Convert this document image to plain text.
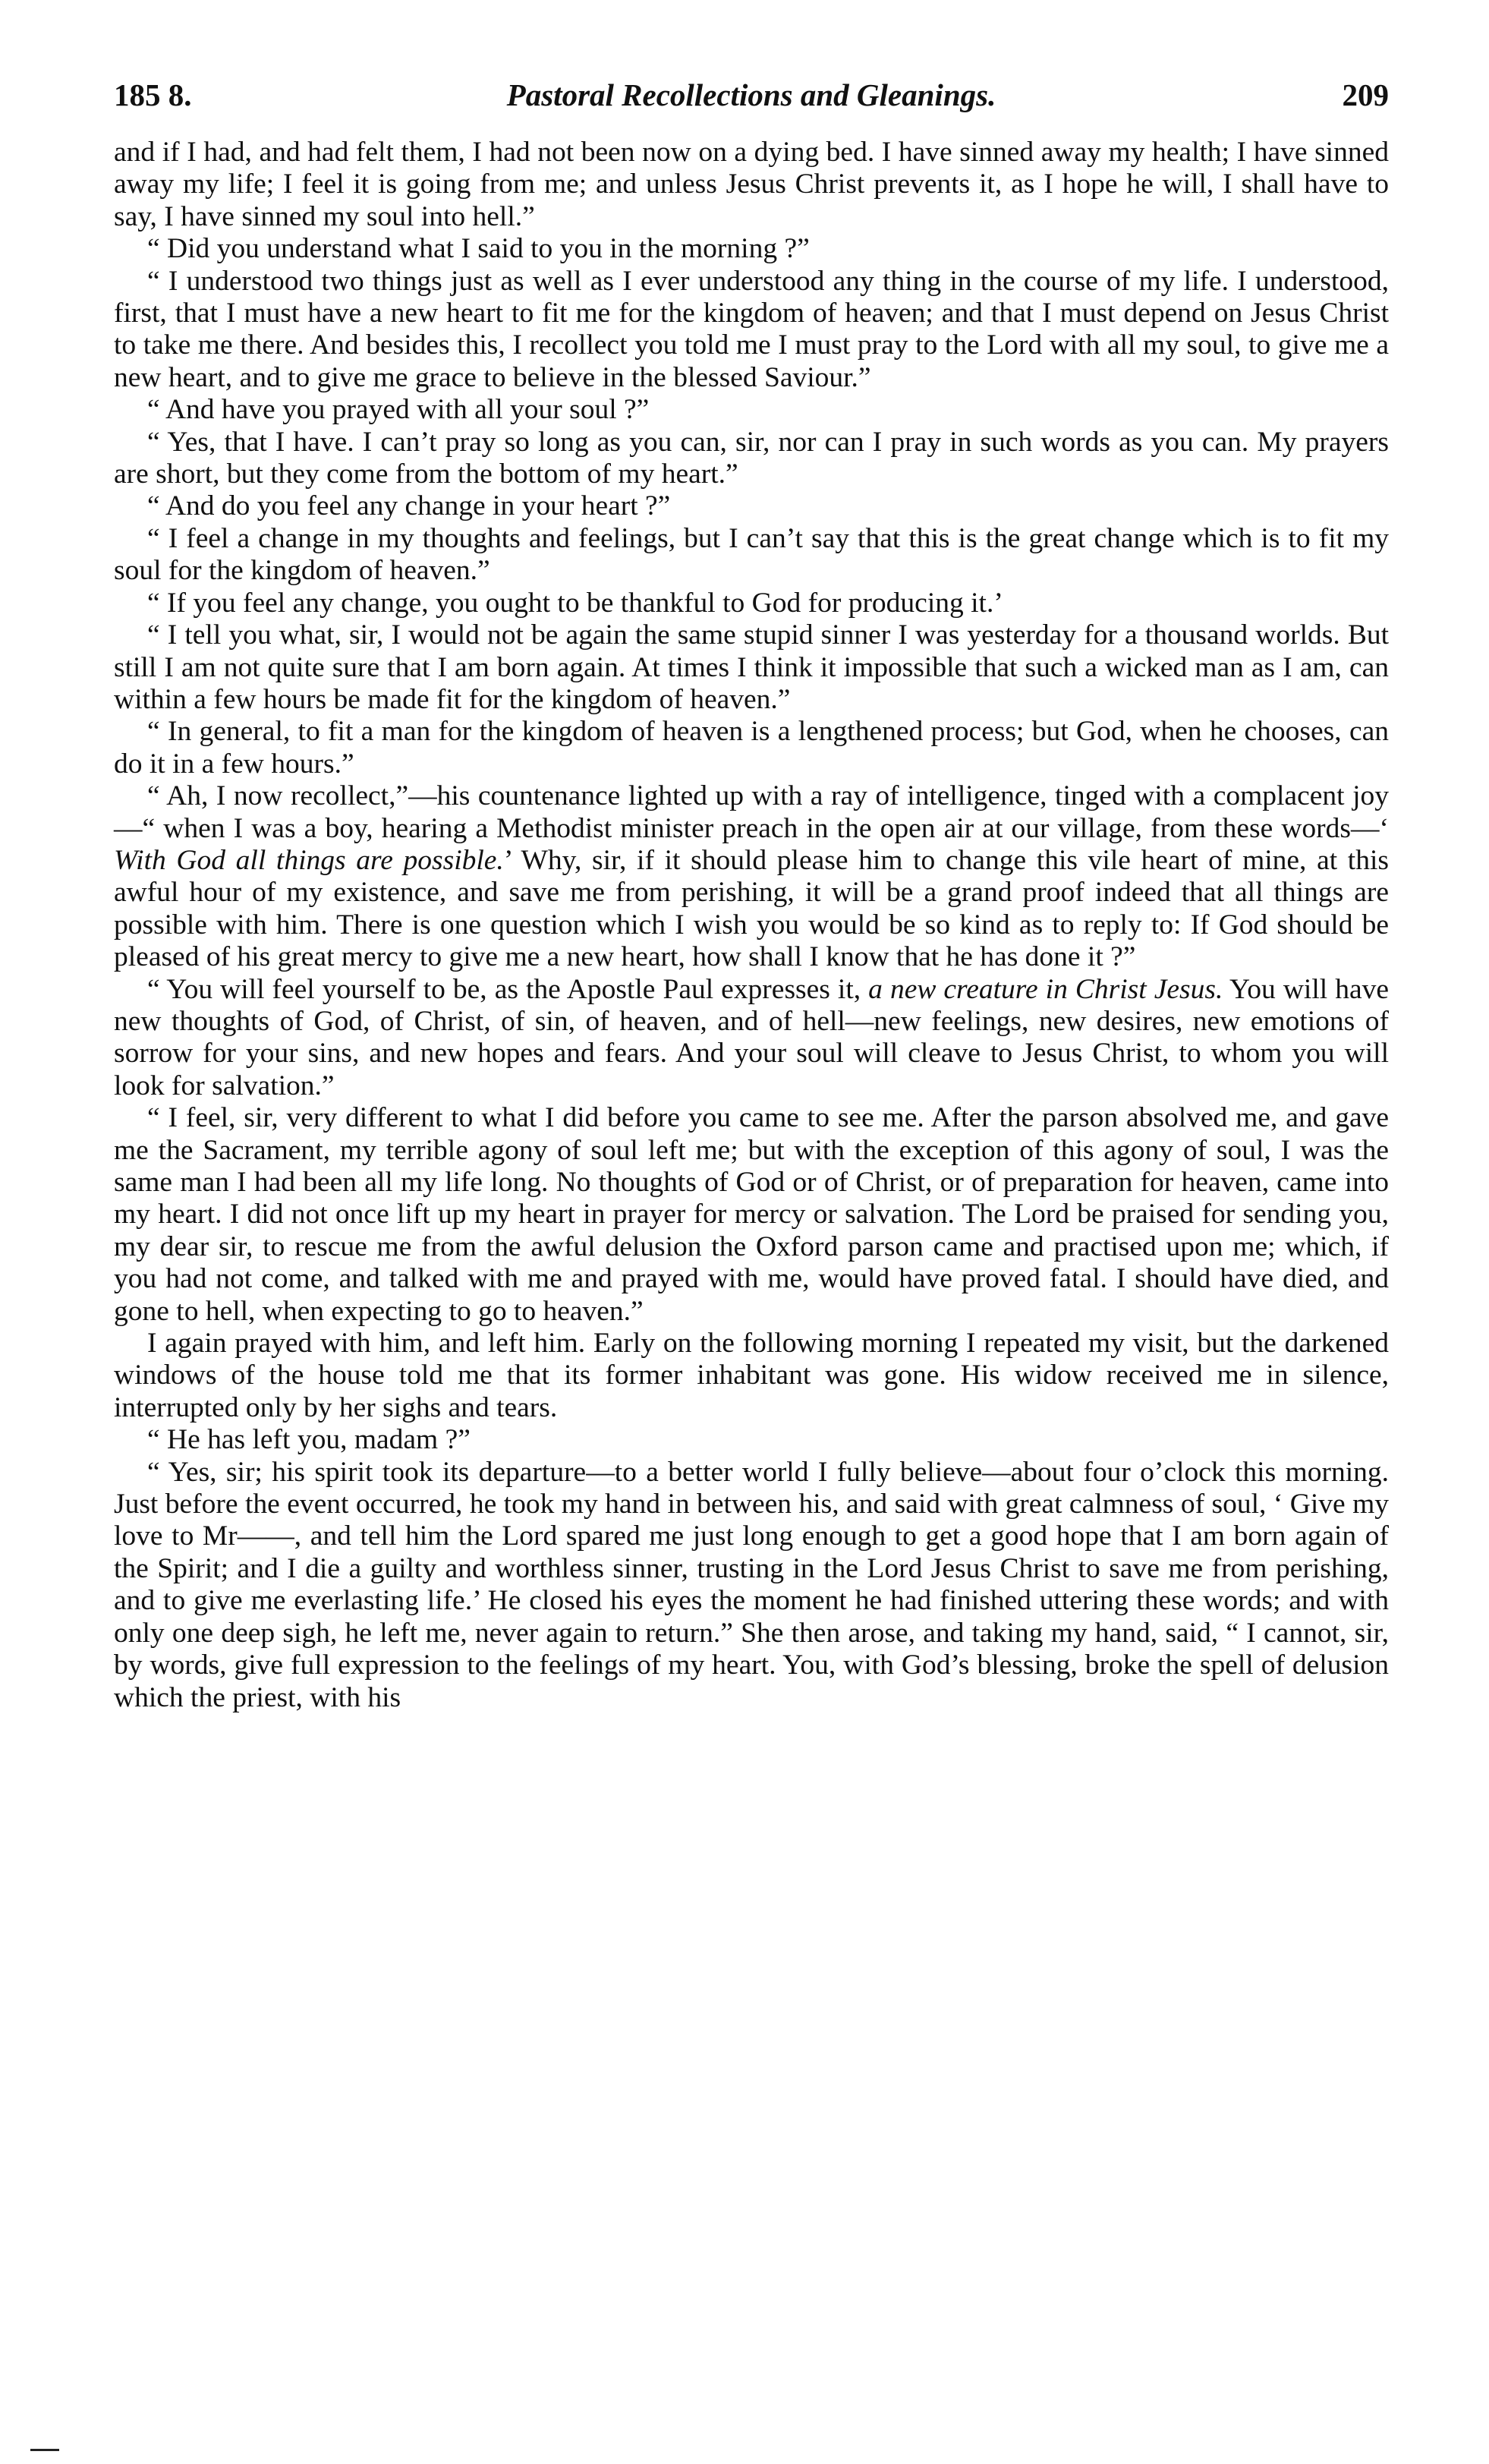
185 8.	Pastoral Recollections and Gleanings.	209

and if I had, and had felt them, I had not been now on a dying bed. I have sinned away my health; I have sinned away my life; I feel it is going from me; and unless Jesus Christ prevents it, as I hope he will, I shall have to say, I have sinned my soul into hell.”

“ Did you understand what I said to you in the morning ?”

“ I understood two things just as well as I ever understood any thing in the course of my life. I understood, first, that I must have a new heart to fit me for the kingdom of heaven; and that I must depend on Jesus Christ to take me there. And besides this, I recollect you told me I must pray to the Lord with all my soul, to give me a new heart, and to give me grace to believe in the blessed Saviour.”

“ And have you prayed with all your soul ?”

“ Yes, that I have. I can’t pray so long as you can, sir, nor can I pray in such words as you can. My prayers are short, but they come from the bottom of my heart.”

“ And do you feel any change in your heart ?”

“ I feel a change in my thoughts and feelings, but I can’t say that this is the great change which is to fit my soul for the kingdom of heaven.”

“ If you feel any change, you ought to be thankful to God for producing it.’

“ I tell you what, sir, I would not be again the same stupid sinner I was yesterday for a thousand worlds. But still I am not quite sure that I am born again. At times I think it impossible that such a wicked man as I am, can within a few hours be made fit for the kingdom of heaven.”

“ In general, to fit a man for the kingdom of heaven is a lengthened process; but God, when he chooses, can do it in a few hours.”

“ Ah, I now recollect,”—his countenance lighted up with a ray of intelligence, tinged with a complacent joy—“ when I was a boy, hearing a Methodist minister preach in the open air at our village, from these words—‘ With God all things are possible.’ Why, sir, if it should please him to change this vile heart of mine, at this awful hour of my existence, and save me from perishing, it will be a grand proof indeed that all things are possible with him. There is one question which I wish you would be so kind as to reply to: If God should be pleased of his great mercy to give me a new heart, how shall I know that he has done it ?”

“ You will feel yourself to be, as the Apostle Paul expresses it, a new creature in Christ Jesus. You will have new thoughts of God, of Christ, of sin, of heaven, and of hell—new feelings, new desires, new emotions of sorrow for your sins, and new hopes and fears. And your soul will cleave to Jesus Christ, to whom you will look for salvation.”

“ I feel, sir, very different to what I did before you came to see me. After the parson absolved me, and gave me the Sacrament, my terrible agony of soul left me; but with the exception of this agony of soul, I was the same man I had been all my life long. No thoughts of God or of Christ, or of preparation for heaven, came into my heart. I did not once lift up my heart in prayer for mercy or salvation. The Lord be praised for sending you, my dear sir, to rescue me from the awful delusion the Oxford parson came and practised upon me; which, if you had not come, and talked with me and prayed with me, would have proved fatal. I should have died, and gone to hell, when expecting to go to heaven.”

I again prayed with him, and left him. Early on the following morning I repeated my visit, but the darkened windows of the house told me that its former inhabitant was gone. His widow received me in silence, interrupted only by her sighs and tears.

“ He has left you, madam ?”

“ Yes, sir; his spirit took its departure—to a better world I fully believe—about four o’clock this morning. Just before the event occurred, he took my hand in between his, and said with great calmness of soul, ‘ Give my love to Mr——, and tell him the Lord spared me just long enough to get a good hope that I am born again of the Spirit; and I die a guilty and worthless sinner, trusting in the Lord Jesus Christ to save me from perishing, and to give me everlasting life.’ He closed his eyes the moment he had finished uttering these words; and with only one deep sigh, he left me, never again to return.” She then arose, and taking my hand, said, “ I cannot, sir, by words, give full expression to the feelings of my heart. You, with God’s blessing, broke the spell of delusion which the priest, with his
